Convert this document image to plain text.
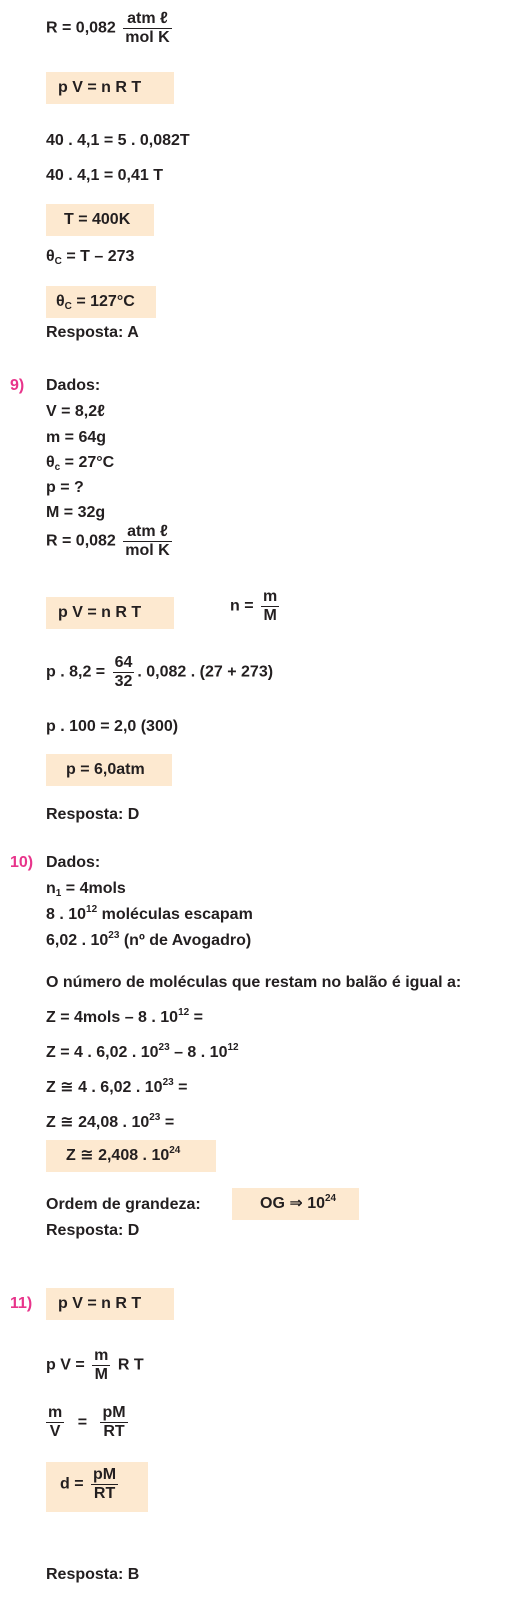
$R = 0,082 \frac{\text{atm ℓ}}{\text{mol K}}$
p V = n R T
40 . 4,1 = 5 . 0,082T
40 . 4,1 = 0,41 T
T = 400K
$\theta_C = T - 273$
$\theta_C = 127^\circ C$
Resposta: A
9) Dados:
V = 8,2ℓ
m = 64g
$\theta_c = 27^\circ C$
p = ?
M = 32g
$R = 0,082 \frac{\text{atm ℓ}}{\text{mol K}}$
p V = n R T	$n = \frac{m}{M}$
p . $8,2 = \frac{64}{32}$ . 0,082 . (27 + 273)
p . 100 = 2,0 (300)
p = 6,0atm
Resposta: D
10) Dados:
$n_1$ = 4mols
8 . $10^{12}$ moléculas escapam
6,02 . $10^{23}$ (nº de Avogadro)
O número de moléculas que restam no balão é igual a:
Z = 4mols – 8 . $10^{12}$ =
Z = 4 . 6,02 . $10^{23} - 8$ . $10^{12}$
Z ≅ 4 . 6,02 . $10^{23}$ =
Z ≅ 24,08 . $10^{23}$ =
Z ≅ 2,408 . $10^{24}$
Ordem de grandeza:	OG ⇒ $10^{24}$
Resposta: D
11)	p V = n R T
p $V = \frac{m}{M}$ R T
$\frac{m}{V} = \frac{pM}{RT}$
$d = \frac{pM}{RT}$
Resposta: B
